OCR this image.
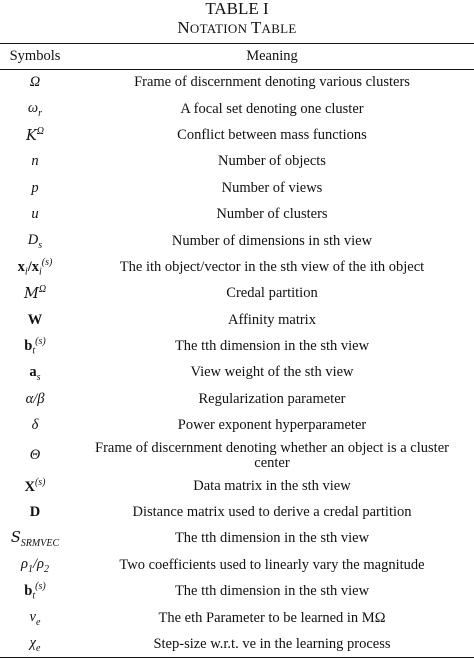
TABLE I
NOTATION TABLE
Symbols	Meaning
Ω	Frame of discernment denoting various clusters
$\omega_r$	A focal set denoting one cluster
$K^\Omega$	Conflict between mass functions
n	Number of objects
p	Number of views
u	Number of clusters
$D_s$	Number of dimensions in sth view
$x_i/x_i^{(s)}$	The ith object/vector in the sth view of the ith object
$M^\Omega$	Credal partition
W	Affinity matrix
$b_t^{(s)}$	The tth dimension in the sth view
$a_s$	View weight of the sth view
α/β	Regularization parameter
δ	Power exponent hyperparameter
Θ	Frame of discernment denoting whether an object is a cluster center
$X^{(s)}$	Data matrix in the sth view
D	Distance matrix used to derive a credal partition
$S_{SRMVEC}$	The tth dimension in the sth view
$\rho_1/\rho_2$	Two coefficients used to linearly vary the magnitude
$b_t^{(s)}$	The tth dimension in the sth view
$v_e$	The eth Parameter to be learned in MΩ
$\chi_e$	Step-size w.r.t. ve in the learning process
